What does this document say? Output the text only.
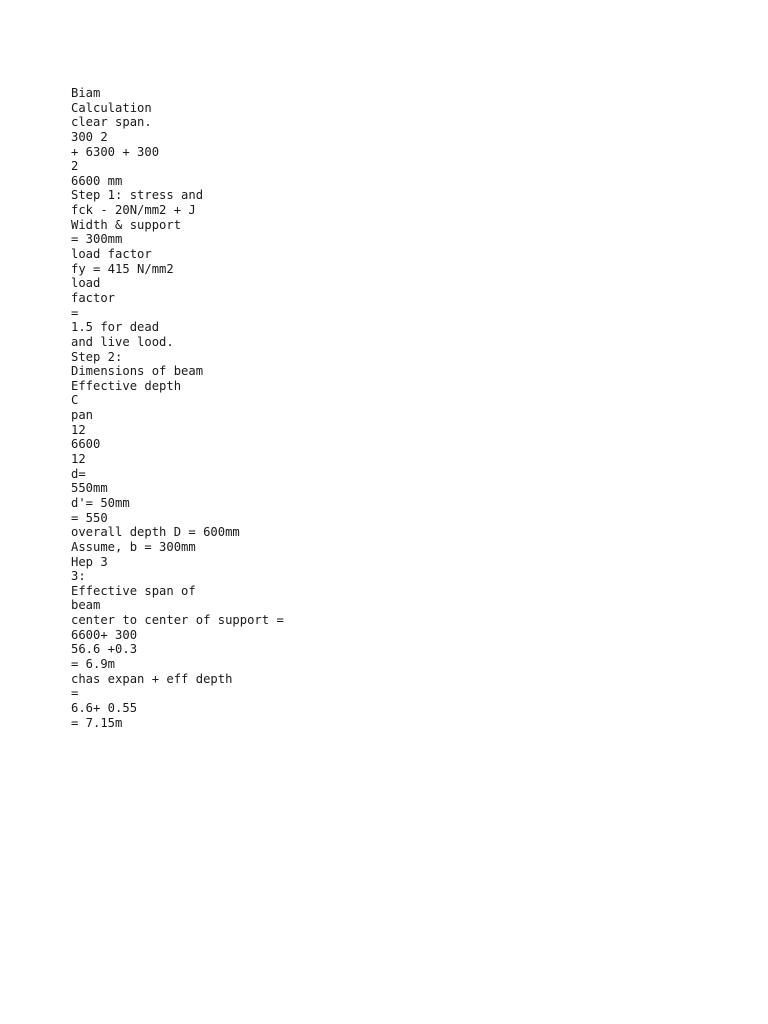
Biam
Calculation
clear span.
300 2
+ 6300 + 300
2
6600 mm
Step 1: stress and
fck - 20N/mm2 + J
Width & support
= 300mm
load factor
fy = 415 N/mm2
load
factor
=
1.5 for dead
and live lood.
Step 2:
Dimensions of beam
Effective depth
C
pan
12
6600
12
d=
550mm
d'= 50mm
= 550
overall depth D = 600mm
Assume, b = 300mm
Hep 3
3:
Effective span of
beam
center to center of support =
6600+ 300
56.6 +0.3
= 6.9m
chas expan + eff depth
=
6.6+ 0.55
= 7.15m
